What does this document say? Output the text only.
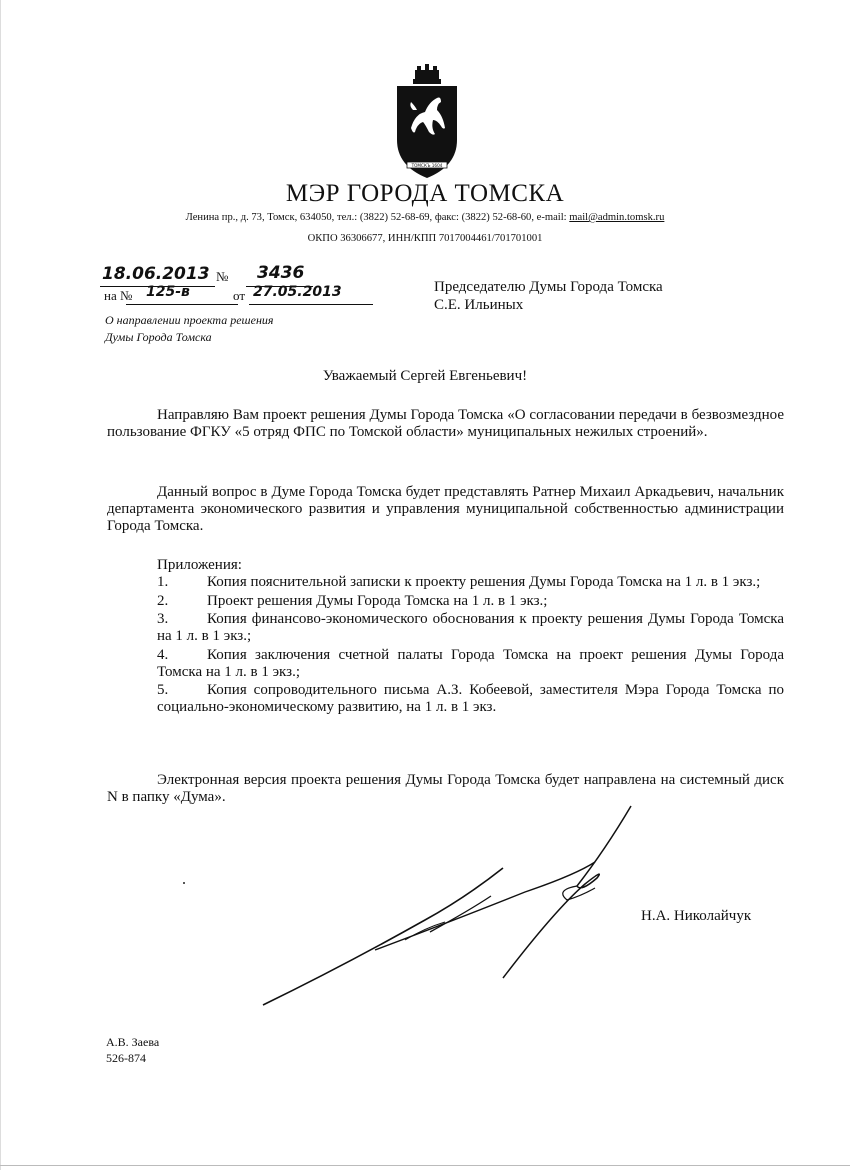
ТОМСКЪ 1604
МЭР ГОРОДА ТОМСКА
Ленина пр., д. 73, Томск, 634050, тел.: (3822) 52-68-69, факс: (3822) 52-68-60, e-mail: mail@admin.tomsk.ru
ОКПО 36306677, ИНН/КПП 7017004461/701701001
18.06.2013 № 3436
на № 125-в	от 27.05.2013
О направлении проекта решения
Думы Города Томска
Председателю Думы Города Томска
С.Е. Ильиных
Уважаемый Сергей Евгеньевич!
Направляю Вам проект решения Думы Города Томска «О согласовании передачи в безвозмездное пользование ФГКУ «5 отряд ФПС по Томской области» муниципальных нежилых строений».
Данный вопрос в Думе Города Томска будет представлять Ратнер Михаил Аркадьевич, начальник департамента экономического развития и управления муниципальной собственностью администрации Города Томска.
Приложения:
1.	Копия пояснительной записки к проекту решения Думы Города Томска на 1 л. в 1 экз.;
2.	Проект решения Думы Города Томска на 1 л. в 1 экз.;
3.	Копия финансово-экономического обоснования к проекту решения Думы Города Томска на 1 л. в 1 экз.;
4.	Копия заключения счетной палаты Города Томска на проект решения Думы Города Томска на 1 л. в 1 экз.;
5.	Копия сопроводительного письма А.З. Кобеевой, заместителя Мэра Города Томска по социально-экономическому развитию, на 1 л. в 1 экз.
Электронная версия проекта решения Думы Города Томска будет направлена на системный диск N в папку «Дума».
Н.А. Николайчук
А.В. Заева
526-874
